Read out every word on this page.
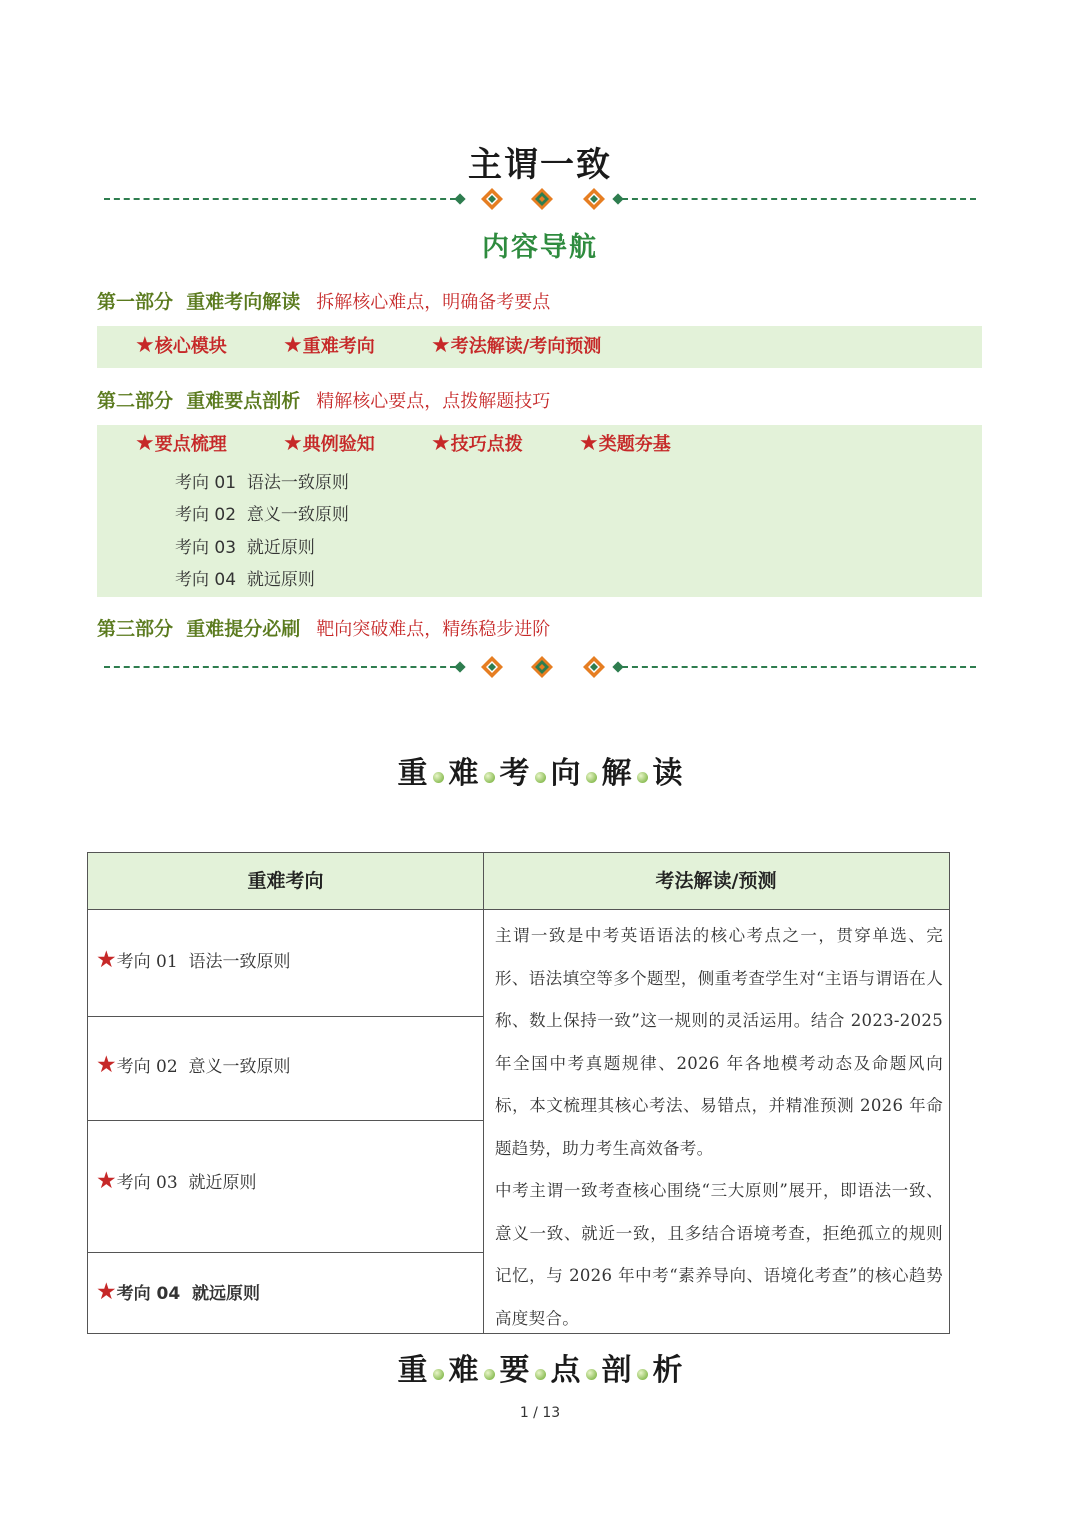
主谓一致
内容导航
第一部分  重难考向解读 拆解核心难点，明确备考要点
★核心模块	★重难考向	★考法解读/考向预测
第二部分  重难要点剖析 精解核心要点，点拨解题技巧
★要点梳理	★典例验知	★技巧点拨	★类题夯基
考向 01  语法一致原则
考向 02  意义一致原则
考向 03  就近原则
考向 04  就远原则
第三部分  重难提分必刷 靶向突破难点，精练稳步进阶
重 难 考 向 解 读
重难考向	考法解读/预测
★考向 01  语法一致原则
★考向 02  意义一致原则
★考向 03  就近原则
★考向 04  就远原则
主谓一致是中考英语语法的核心考点之一，贯穿单选、完形、语法填空等多个题型，侧重考查学生对“主语与谓语在人称、数上保持一致”这一规则的灵活运用。结合 2023-2025 年全国中考真题规律、2026 年各地模考动态及命题风向标，本文梳理其核心考法、易错点，并精准预测 2026 年命题趋势，助力考生高效备考。
中考主谓一致考查核心围绕“三大原则”展开，即语法一致、意义一致、就近一致，且多结合语境考查，拒绝孤立的规则记忆，与 2026 年中考“素养导向、语境化考查”的核心趋势高度契合。
重 难 要 点 剖 析
1 / 13
